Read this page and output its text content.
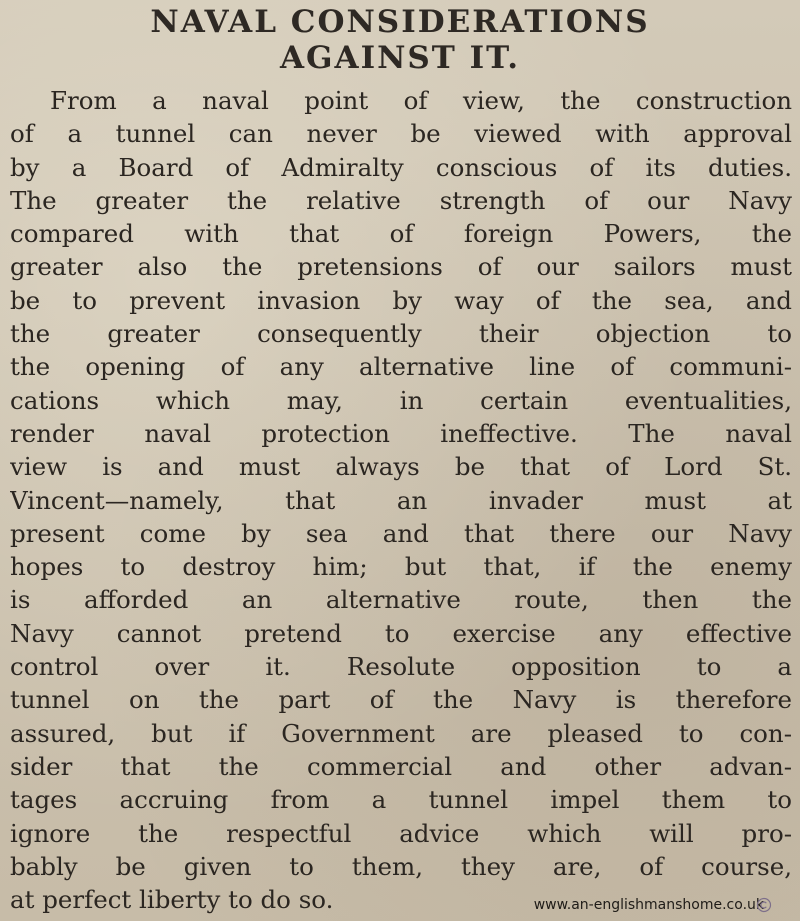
NAVAL CONSIDERATIONS
AGAINST IT.
From a naval point of view, the construction
of a tunnel can never be viewed with approval
by a Board of Admiralty conscious of its duties.
The greater the relative strength of our Navy
compared with that of foreign Powers, the
greater also the pretensions of our sailors must
be to prevent invasion by way of the sea, and
the greater consequently their objection to
the opening of any alternative line of communi-
cations which may, in certain eventualities,
render naval protection ineffective. The naval
view is and must always be that of Lord St.
Vincent—namely, that an invader must at
present come by sea and that there our Navy
hopes to destroy him; but that, if the enemy
is afforded an alternative route, then the
Navy cannot pretend to exercise any effective
control over it. Resolute opposition to a
tunnel on the part of the Navy is therefore
assured, but if Government are pleased to con-
sider that the commercial and other advan-
tages accruing from a tunnel impel them to
ignore the respectful advice which will pro-
bably be given to them, they are, of course,
at perfect liberty to do so.	www.an-englishmanshome.co.uk
